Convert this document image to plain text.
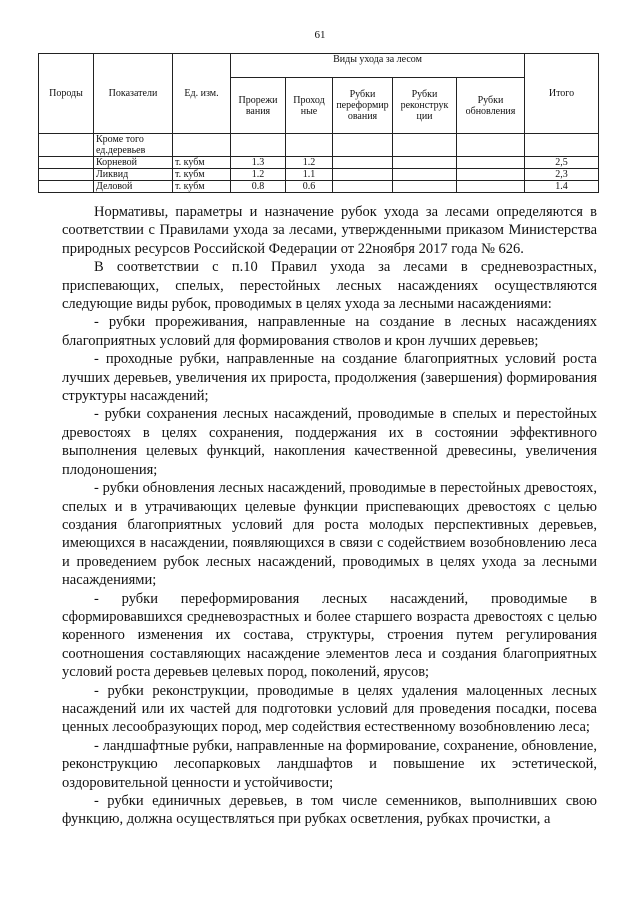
61
Породы	Показатели	Ед. изм.	Виды ухода за лесом					Итого
			Прорежи вания	Проход ные	Рубки переформир ования	Рубки реконструк ции	Рубки обновления	
	Кроме того ед.деревьев							
	Корневой	т. кубм	1.3	1.2				2,5
	Ликвид	т. кубм	1.2	1.1				2,3
	Деловой	т. кубм	0.8	0.6				1.4

Нормативы, параметры и назначение рубок ухода за лесами определяются в соответствии с Правилами ухода за лесами, утвержденными приказом Министерства природных ресурсов Российской Федерации от 22ноября 2017 года № 626.

В соответствии с п.10 Правил ухода за лесами в средневозрастных, приспевающих, спелых, перестойных лесных насаждениях осуществляются следующие виды рубок, проводимых в целях ухода за лесными насаждениями:

- рубки прореживания, направленные на создание в лесных насаждениях благоприятных условий для формирования стволов и крон лучших деревьев;

- проходные рубки, направленные на создание благоприятных условий роста лучших деревьев, увеличения их прироста, продолжения (завершения) формирования структуры насаждений;

- рубки сохранения лесных насаждений, проводимые в спелых и перестойных древостоях в целях сохранения, поддержания их в состоянии эффективного выполнения целевых функций, накопления качественной древесины, увеличения плодоношения;

- рубки обновления лесных насаждений, проводимые в перестойных древостоях, спелых и в утрачивающих целевые функции приспевающих древостоях с целью создания благоприятных условий для роста молодых перспективных деревьев, имеющихся в насаждении, появляющихся в связи с содействием возобновлению леса и проведением рубок лесных насаждений, проводимых в целях ухода за лесными насаждениями;

- рубки переформирования лесных насаждений, проводимые в сформировавшихся средневозрастных и более старшего возраста древостоях с целью коренного изменения их состава, структуры, строения путем регулирования соотношения составляющих насаждение элементов леса и создания благоприятных условий роста деревьев целевых пород, поколений, ярусов;

- рубки реконструкции, проводимые в целях удаления малоценных лесных насаждений или их частей для подготовки условий для проведения посадки, посева ценных лесообразующих пород, мер содействия естественному возобновлению леса;

- ландшафтные рубки, направленные на формирование, сохранение, обновление, реконструкцию лесопарковых ландшафтов и повышение их эстетической, оздоровительной ценности и устойчивости;

- рубки единичных деревьев, в том числе семенников, выполнивших свою функцию, должна осуществляться при рубках осветления, рубках прочистки, а
